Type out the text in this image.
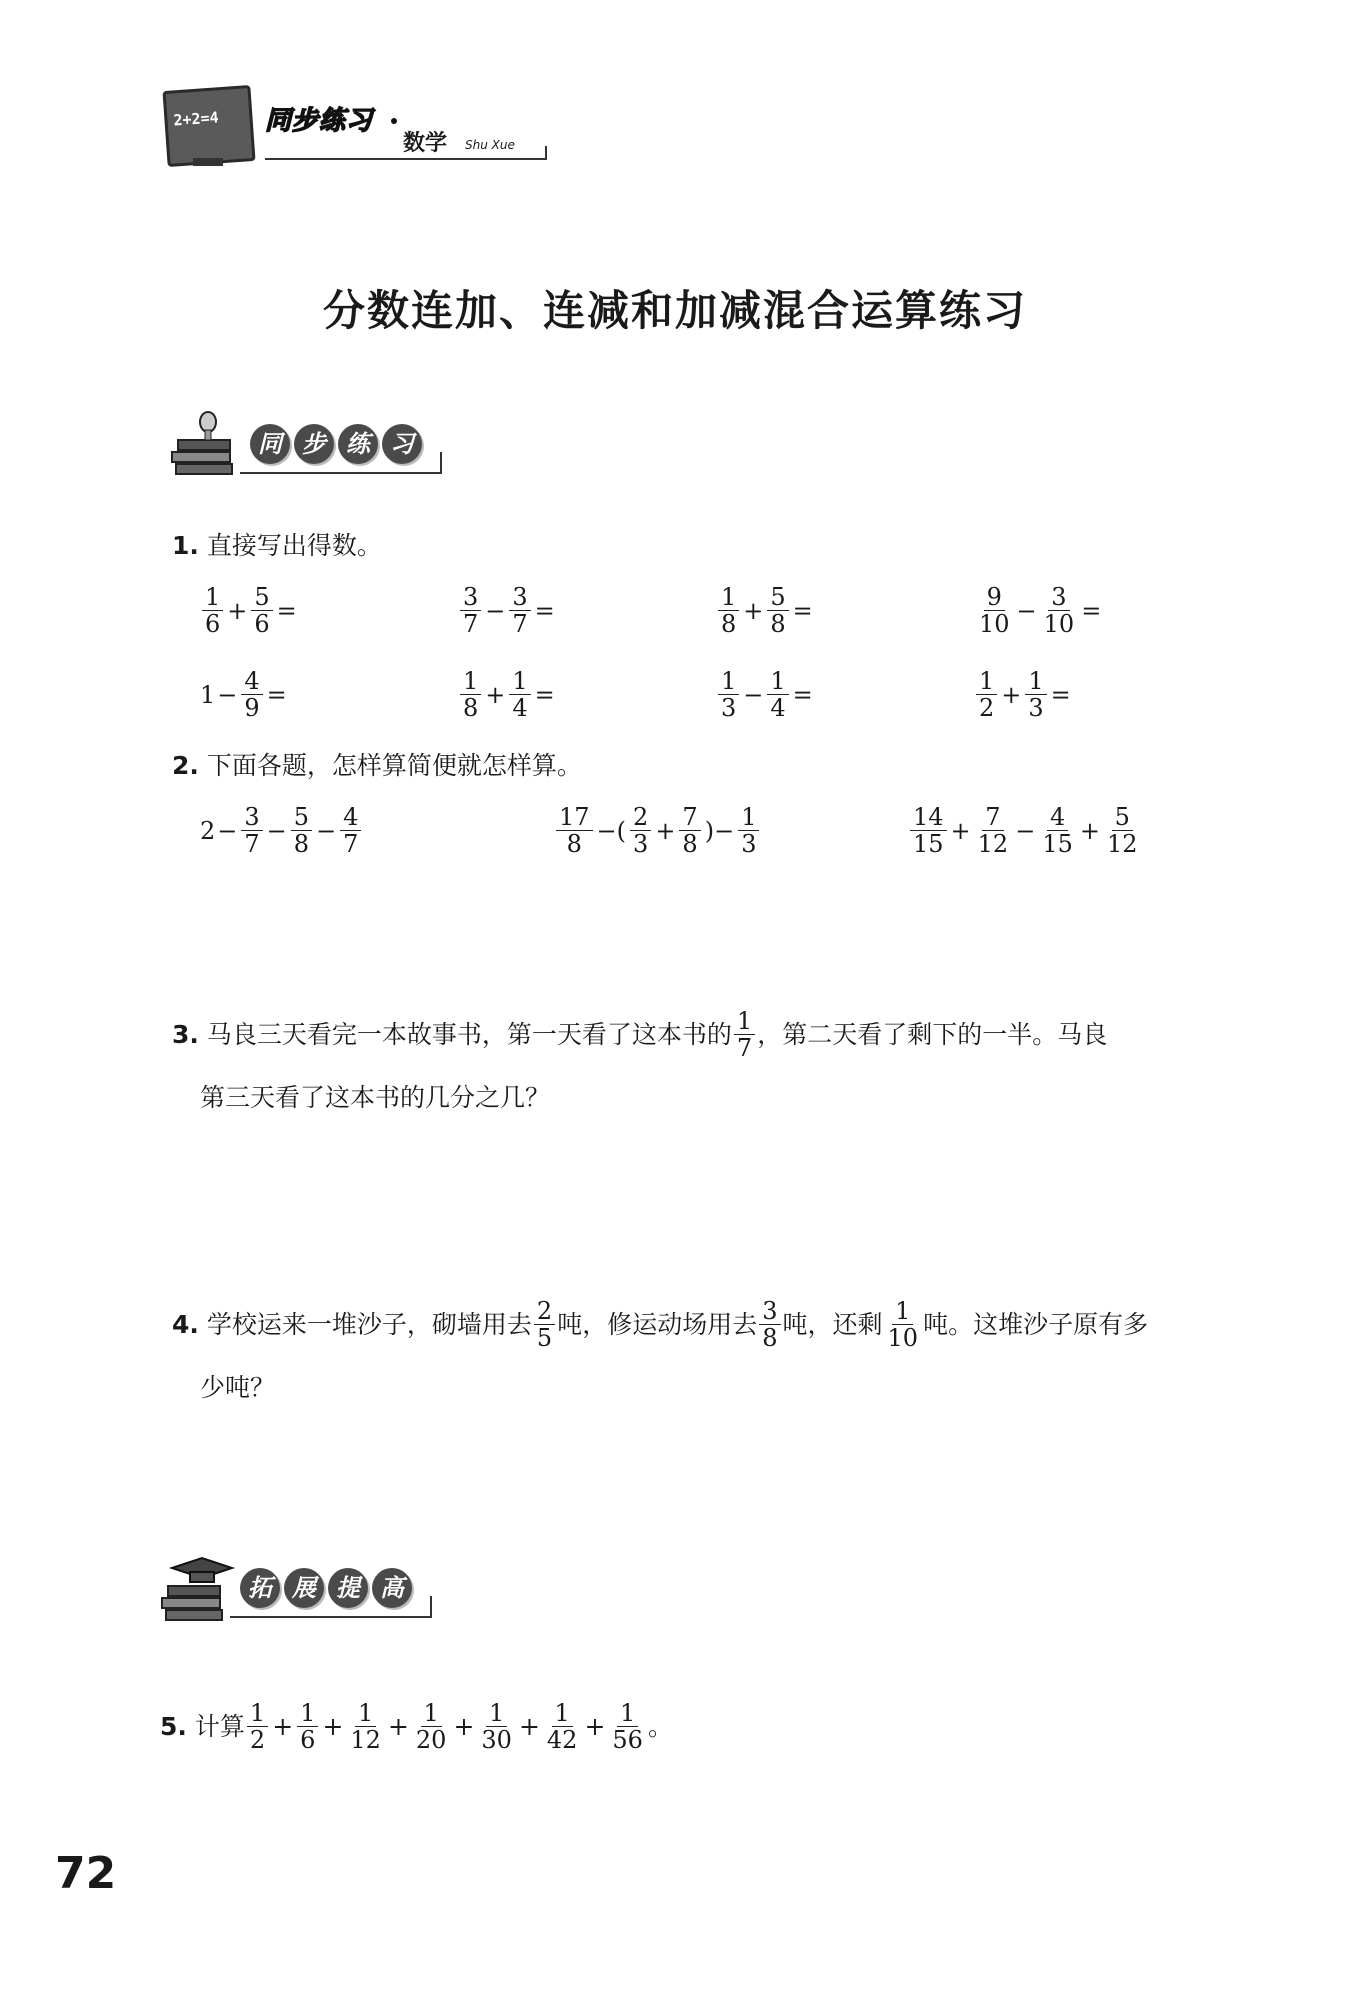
2+2=4 同步练习
数学 Shu Xue
分数连加、连减和加减混合运算练习
同 步 练 习
1. 直接写出得数。
$\frac{1}{6} + \frac{5}{6}$ =	$\frac{3}{7} - \frac{3}{7}$ =	$\frac{1}{8} + \frac{5}{8}$ =	$\frac{9}{10} - \frac{3}{10}$ =
$1 - \frac{4}{9}$ =	$\frac{1}{8} + \frac{1}{4}$ =	$\frac{1}{3} - \frac{1}{4}$ =	$\frac{1}{2} + \frac{1}{3}$ =
2. 下面各题，怎样算简便就怎样算。
$2 - \frac{3}{7} - \frac{5}{8} - \frac{4}{7}$	$\frac{17}{8}$ −( $\frac{2}{3} + \frac{7}{8}$ )− $\frac{1}{3}$	$\frac{14}{15} + \frac{7}{12} - \frac{4}{15} + \frac{5}{12}$
3. 马良三天看完一本故事书，第一天看了这本书的 $\frac{1}{7}$ ，第二天看了剩下的一半。马良
第三天看了这本书的几分之几？
4. 学校运来一堆沙子，砌墙用去 $\frac{2}{5}$ 吨，修运动场用去 $\frac{3}{8}$ 吨，还剩 $\frac{1}{10}$ 吨。这堆沙子原有多
少吨？
拓 展 提 高
5. 计算 $\frac{1}{2} + \frac{1}{6} + \frac{1}{12} + \frac{1}{20} + \frac{1}{30} + \frac{1}{42} + \frac{1}{56}$ 。
72
